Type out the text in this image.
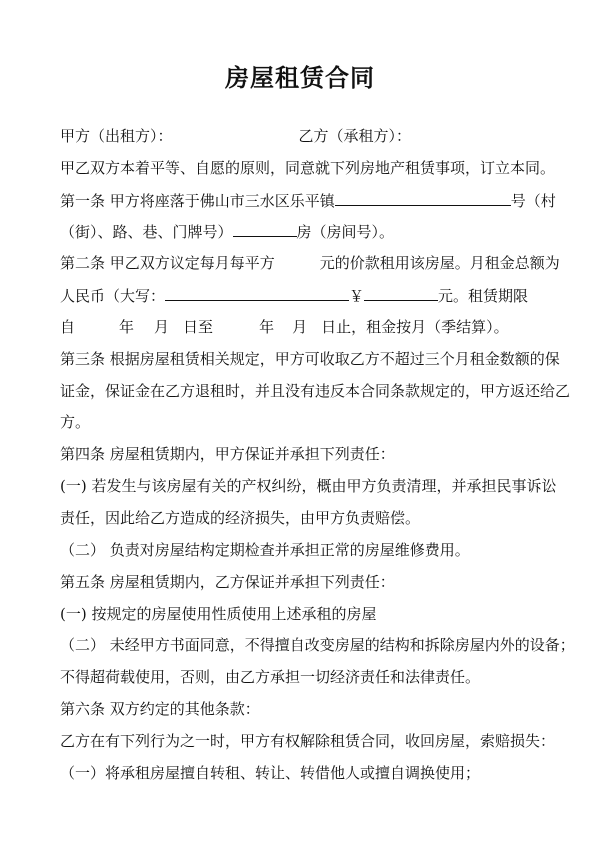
房屋租赁合同
甲方（出租方）：	乙方（承租方）：
甲乙双方本着平等、自愿的原则，同意就下列房地产租赁事项，订立本同。
第一条 甲方将座落于佛山市三水区乐平镇	号（村
（街）、路、巷、门牌号）	房（房间号）。
第二条 甲乙双方议定每月每平方	元的价款租用该房屋。月租金总额为
人民币（大写：	￥	元。租赁期限
自	年 月 日至	年 月 日止，租金按月（季结算）。
第三条 根据房屋租赁相关规定，甲方可收取乙方不超过三个月租金数额的保
证金，保证金在乙方退租时，并且没有违反本合同条款规定的，甲方返还给乙
方。
第四条 房屋租赁期内，甲方保证并承担下列责任：
(一) 若发生与该房屋有关的产权纠纷，概由甲方负责清理，并承担民事诉讼
责任，因此给乙方造成的经济损失，由甲方负责赔偿。
（二） 负责对房屋结构定期检查并承担正常的房屋维修费用。
第五条 房屋租赁期内，乙方保证并承担下列责任：
(一) 按规定的房屋使用性质使用上述承租的房屋
（二） 未经甲方书面同意，不得擅自改变房屋的结构和拆除房屋内外的设备；
不得超荷载使用，否则，由乙方承担一切经济责任和法律责任。
第六条 双方约定的其他条款：
乙方在有下列行为之一时，甲方有权解除租赁合同，收回房屋，索赔损失：
（一）将承租房屋擅自转租、转让、转借他人或擅自调换使用；
